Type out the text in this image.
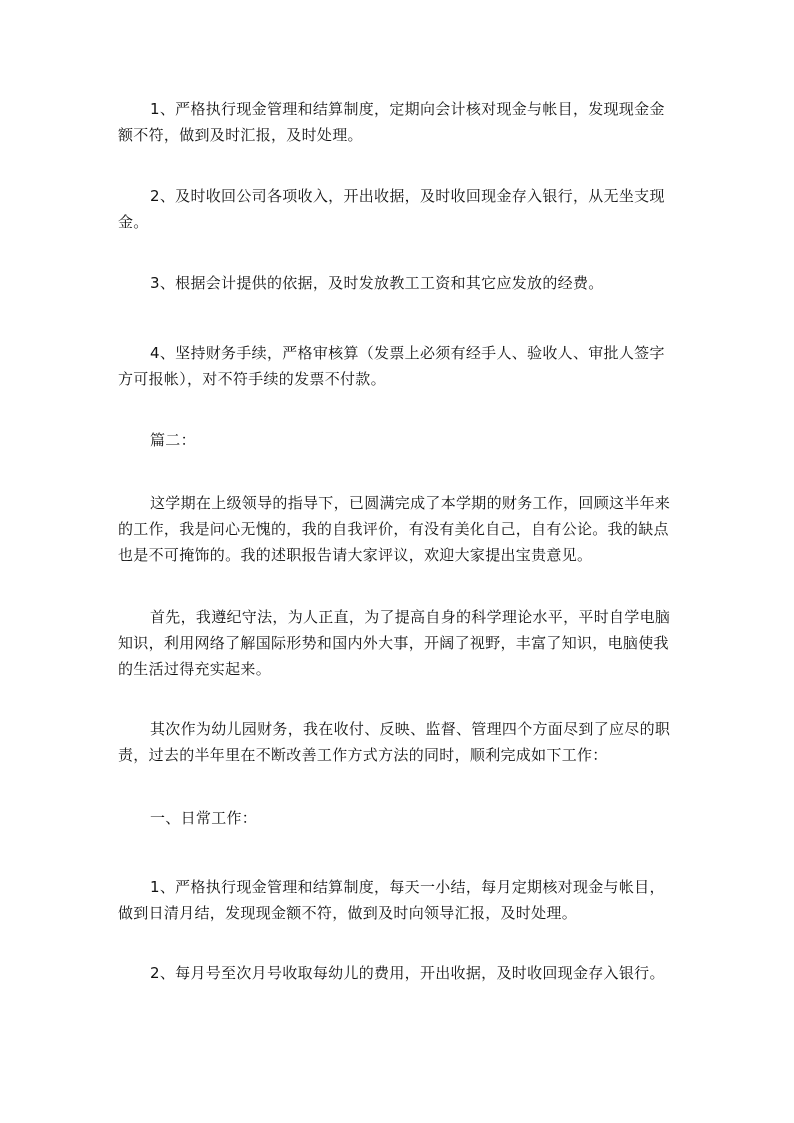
1、严格执行现金管理和结算制度，定期向会计核对现金与帐目，发现现金金额不符，做到及时汇报，及时处理。

2、及时收回公司各项收入，开出收据，及时收回现金存入银行，从无坐支现金。

3、根据会计提供的依据，及时发放教工工资和其它应发放的经费。

4、坚持财务手续，严格审核算（发票上必须有经手人、验收人、审批人签字方可报帐），对不符手续的发票不付款。

篇二：

这学期在上级领导的指导下，已圆满完成了本学期的财务工作，回顾这半年来的工作，我是问心无愧的，我的自我评价，有没有美化自己，自有公论。我的缺点也是不可掩饰的。我的述职报告请大家评议，欢迎大家提出宝贵意见。

首先，我遵纪守法，为人正直，为了提高自身的科学理论水平，平时自学电脑知识，利用网络了解国际形势和国内外大事，开阔了视野，丰富了知识，电脑使我的生活过得充实起来。

其次作为幼儿园财务，我在收付、反映、监督、管理四个方面尽到了应尽的职责，过去的半年里在不断改善工作方式方法的同时，顺利完成如下工作：

一、日常工作：

1、严格执行现金管理和结算制度，每天一小结，每月定期核对现金与帐目，做到日清月结，发现现金额不符，做到及时向领导汇报，及时处理。

2、每月号至次月号收取每幼儿的费用，开出收据，及时收回现金存入银行。
